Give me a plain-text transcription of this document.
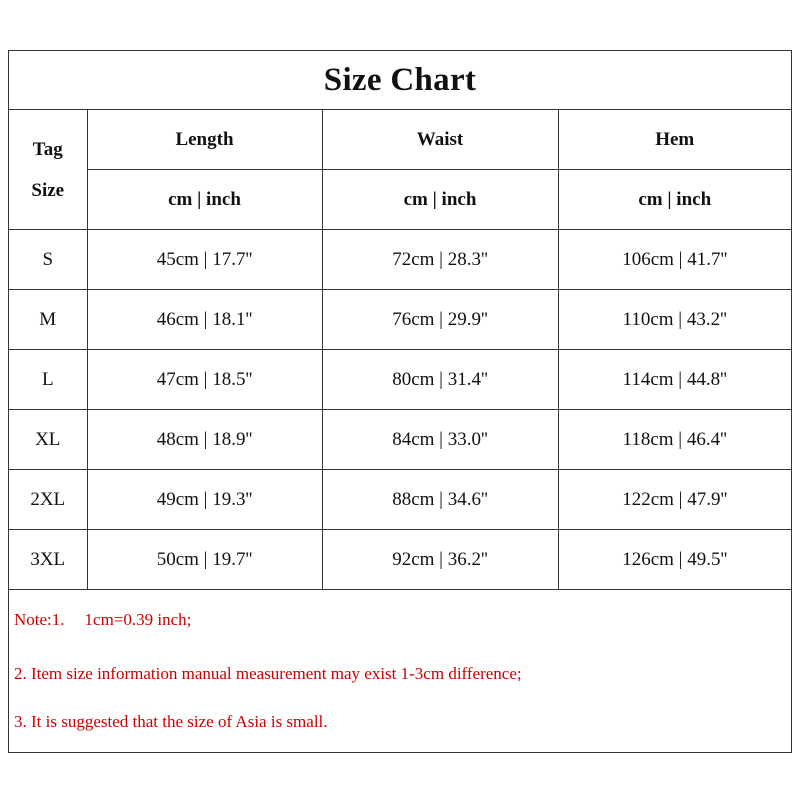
Size Chart
Tag
Size	Length	Waist	Hem
	cm | inch	cm | inch	cm | inch
S	45cm | 17.7''	72cm | 28.3''	106cm | 41.7''
M	46cm | 18.1''	76cm | 29.9''	110cm | 43.2''
L	47cm | 18.5''	80cm | 31.4''	114cm | 44.8''
XL	48cm | 18.9''	84cm | 33.0''	118cm | 46.4''
2XL	49cm | 19.3''	88cm | 34.6''	122cm | 47.9''
3XL	50cm | 19.7''	92cm | 36.2''	126cm | 49.5''
Note:1. 1cm=0.39 inch;
2. Item size information manual measurement may exist 1-3cm difference;
3. It is suggested that the size of Asia is small.
